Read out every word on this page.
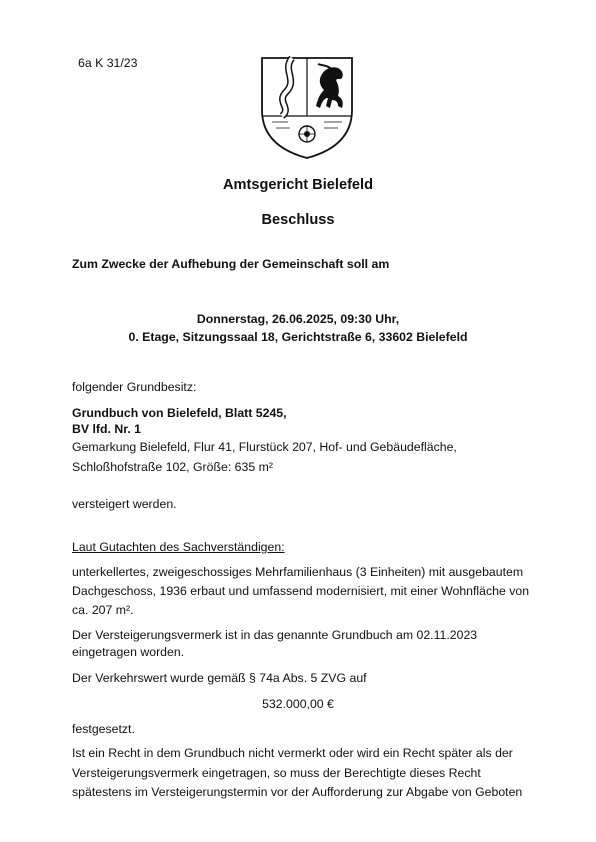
6a K 31/23
Amtsgericht Bielefeld
Beschluss
Zum Zwecke der Aufhebung der Gemeinschaft soll am
Donnerstag, 26.06.2025, 09:30 Uhr,
0. Etage, Sitzungssaal 18, Gerichtstraße 6, 33602 Bielefeld
folgender Grundbesitz:
Grundbuch von Bielefeld, Blatt 5245,
BV lfd. Nr. 1
Gemarkung Bielefeld, Flur 41, Flurstück 207, Hof- und Gebäudefläche,
Schloßhofstraße 102, Größe: 635 m²
versteigert werden.
Laut Gutachten des Sachverständigen:
unterkellertes, zweigeschossiges Mehrfamilienhaus (3 Einheiten) mit ausgebautem
Dachgeschoss, 1936 erbaut und umfassend modernisiert, mit einer Wohnfläche von
ca. 207 m².
Der Versteigerungsvermerk ist in das genannte Grundbuch am 02.11.2023
eingetragen worden.
Der Verkehrswert wurde gemäß § 74a Abs. 5 ZVG auf
532.000,00 €
festgesetzt.
Ist ein Recht in dem Grundbuch nicht vermerkt oder wird ein Recht später als der
Versteigerungsvermerk eingetragen, so muss der Berechtigte dieses Recht
spätestens im Versteigerungstermin vor der Aufforderung zur Abgabe von Geboten
